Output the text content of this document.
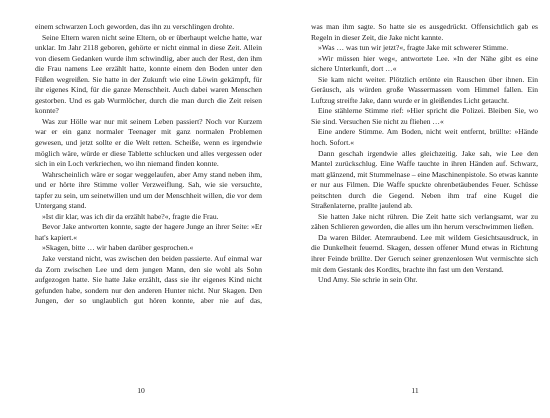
einem schwarzen Loch geworden, das ihn zu verschlingen drohte.

Seine Eltern waren nicht seine Eltern, ob er überhaupt welche hatte, war unklar. Im Jahr 2118 geboren, gehörte er nicht einmal in diese Zeit. Allein von diesem Gedanken wurde ihm schwindlig, aber auch der Rest, den ihm die Frau namens Lee erzählt hatte, konnte einem den Boden unter den Füßen wegreißen. Sie hatte in der Zukunft wie eine Löwin gekämpft, für ihr eigenes Kind, für die ganze Menschheit. Auch dabei waren Menschen gestorben. Und es gab Wurmlöcher, durch die man durch die Zeit reisen konnte?

Was zur Hölle war nur mit seinem Leben passiert? Noch vor Kurzem war er ein ganz normaler Teenager mit ganz normalen Problemen gewesen, und jetzt sollte er die Welt retten. Scheiße, wenn es irgendwie möglich wäre, würde er diese Tablette schlucken und alles vergessen oder sich in ein Loch verkriechen, wo ihn niemand finden konnte.

Wahrscheinlich wäre er sogar weggelaufen, aber Amy stand neben ihm, und er hörte ihre Stimme voller Verzweiflung. Sah, wie sie versuchte, tapfer zu sein, um seinetwillen und um der Menschheit willen, die vor dem Untergang stand.

»Ist dir klar, was ich dir da erzählt habe?«, fragte die Frau.

Bevor Jake antworten konnte, sagte der hagere Junge an ihrer Seite: »Er hat's kapiert.«

»Skagen, bitte … wir haben darüber gesprochen.«

Jake verstand nicht, was zwischen den beiden passierte. Auf einmal war da Zorn zwischen Lee und dem jungen Mann, den sie wohl als Sohn aufgezogen hatte. Sie hatte Jake erzählt, dass sie ihr eigenes Kind nicht gefunden habe, sondern nur den anderen Hunter nicht. Nur Skagen. Den Jungen, der so unglaublich gut hören konnte, aber nie auf das,

10

was man ihm sagte. So hatte sie es ausgedrückt. Offensichtlich gab es Regeln in dieser Zeit, die Jake nicht kannte.

»Was … was tun wir jetzt?«, fragte Jake mit schwerer Stimme.

»Wir müssen hier weg«, antwortete Lee. »In der Nähe gibt es eine sichere Unterkunft, dort …«

Sie kam nicht weiter. Plötzlich ertönte ein Rauschen über ihnen. Ein Geräusch, als würden große Wassermassen vom Himmel fallen. Ein Luftzug streifte Jake, dann wurde er in gleißendes Licht getaucht.

Eine stählerne Stimme rief: »Hier spricht die Polizei. Bleiben Sie, wo Sie sind. Versuchen Sie nicht zu fliehen …«

Eine andere Stimme. Am Boden, nicht weit entfernt, brüllte: »Hände hoch. Sofort.«

Dann geschah irgendwie alles gleichzeitig. Jake sah, wie Lee den Mantel zurückschlug. Eine Waffe tauchte in ihren Händen auf. Schwarz, matt glänzend, mit Stummelnase – eine Maschinenpistole. So etwas kannte er nur aus Filmen. Die Waffe spuckte ohrenbetäubendes Feuer. Schüsse peitschten durch die Gegend. Neben ihm traf eine Kugel die Straßenlaterne, prallte jaulend ab.

Sie hatten Jake nicht rühren. Die Zeit hatte sich verlangsamt, war zu zähen Schlieren geworden, die alles um ihn herum verschwimmen ließen.

Da waren Bilder. Atemraubend. Lee mit wildem Gesichtsausdruck, in die Dunkelheit feuernd. Skagen, dessen offener Mund etwas in Richtung ihrer Feinde brüllte. Der Geruch seiner grenzenlosen Wut vermischte sich mit dem Gestank des Kordits, brachte ihn fast um den Verstand.

Und Amy. Sie schrie in sein Ohr.

11
